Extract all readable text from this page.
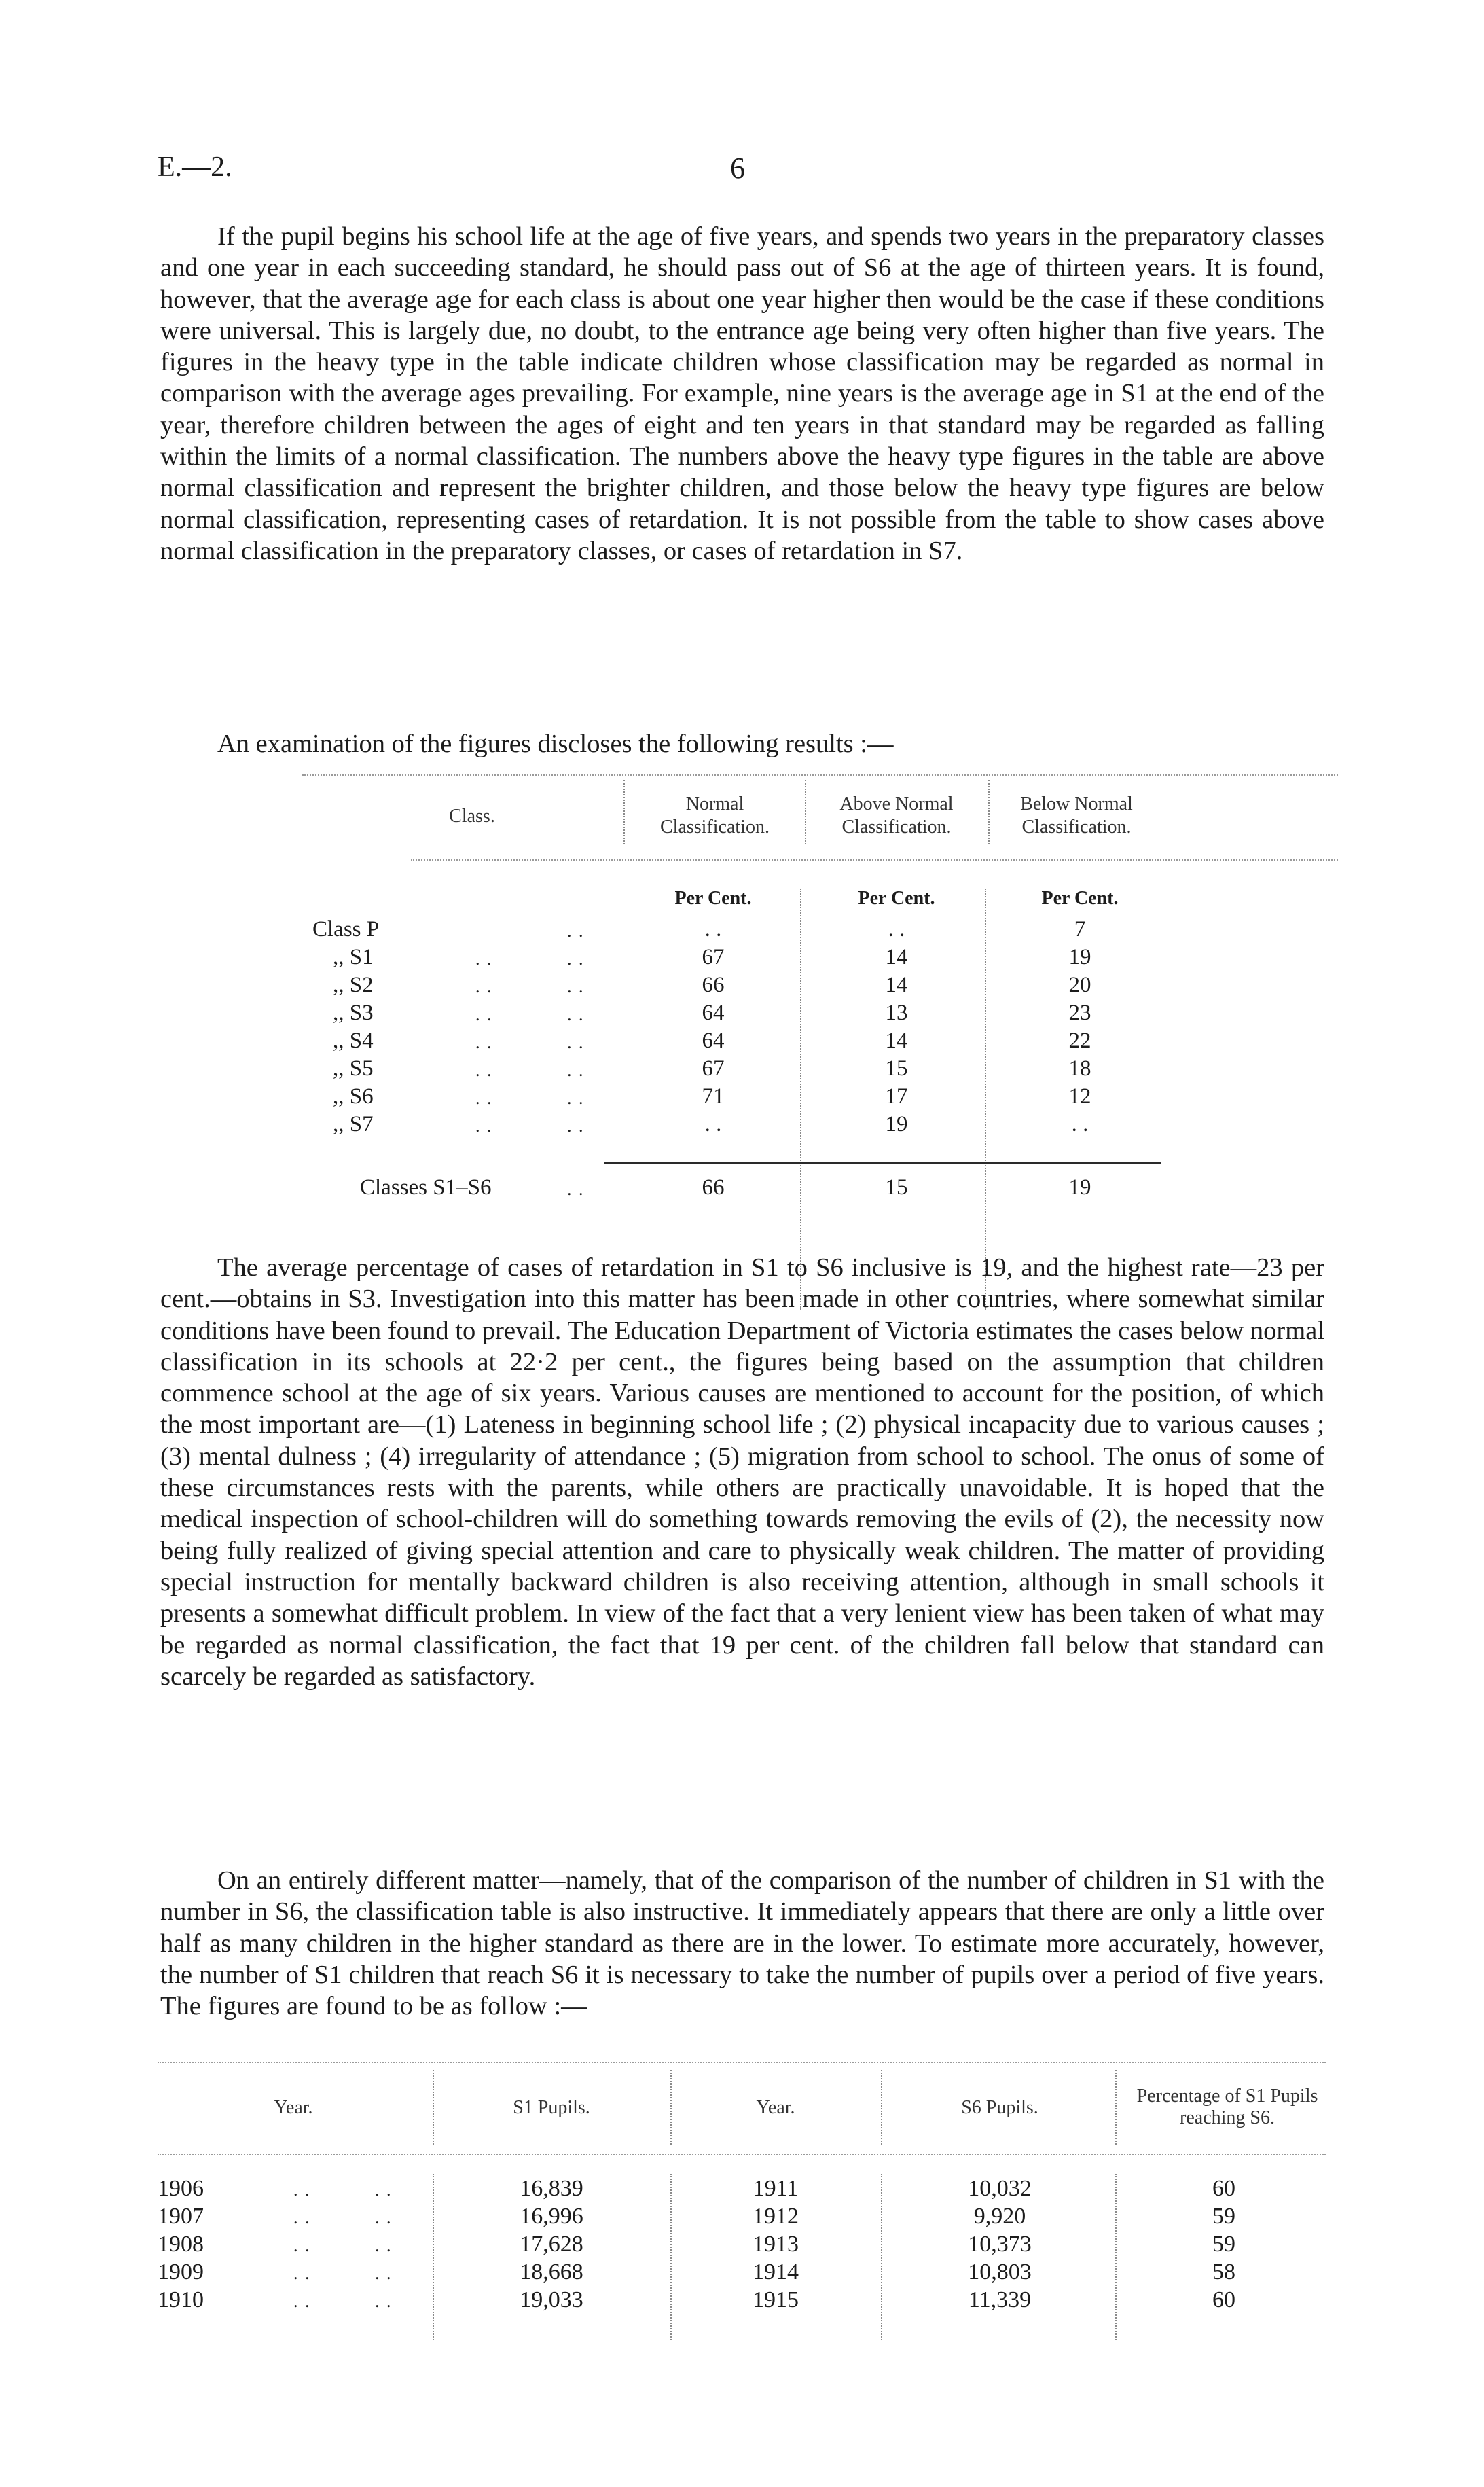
E.—2.	6

If the pupil begins his school life at the age of five years, and spends two years in the preparatory classes and one year in each succeeding standard, he should pass out of S6 at the age of thirteen years. It is found, however, that the average age for each class is about one year higher then would be the case if these conditions were universal. This is largely due, no doubt, to the entrance age being very often higher than five years. The figures in the heavy type in the table indicate children whose classification may be regarded as normal in comparison with the average ages prevailing. For example, nine years is the average age in S1 at the end of the year, therefore children between the ages of eight and ten years in that standard may be regarded as falling within the limits of a normal classification. The numbers above the heavy type figures in the table are above normal classification and represent the brighter children, and those below the heavy type figures are below normal classification, representing cases of retardation. It is not possible from the table to show cases above normal classification in the preparatory classes, or cases of retardation in S7.

An examination of the figures discloses the following results :—

Class.
Normal Classification.
Above Normal Classification.
Below Normal Classification.
Per Cent.	Per Cent.	Per Cent.
Class P	. .	. .	. .	7
,, S1	. .	. .	67	14	19
,, S2	. .	. .	66	14	20
,, S3	. .	. .	64	13	23
,, S4	. .	. .	64	14	22
,, S5	. .	. .	67	15	18
,, S6	. .	. .	71	17	12
,, S7	. .	. .	. .	19	. .
Classes S1–S6	. .	66	15	19

The average percentage of cases of retardation in S1 to S6 inclusive is 19, and the highest rate—23 per cent.—obtains in S3. Investigation into this matter has been made in other countries, where somewhat similar conditions have been found to prevail. The Education Department of Victoria estimates the cases below normal classification in its schools at 22·2 per cent., the figures being based on the assumption that children commence school at the age of six years. Various causes are mentioned to account for the position, of which the most important are—(1) Lateness in beginning school life ; (2) physical incapacity due to various causes ; (3) mental dulness ; (4) irregularity of attendance ; (5) migration from school to school. The onus of some of these circumstances rests with the parents, while others are practically unavoidable. It is hoped that the medical inspection of school-children will do something towards removing the evils of (2), the necessity now being fully realized of giving special attention and care to physically weak children. The matter of providing special instruction for mentally backward children is also receiving attention, although in small schools it presents a somewhat difficult problem. In view of the fact that a very lenient view has been taken of what may be regarded as normal classification, the fact that 19 per cent. of the children fall below that standard can scarcely be regarded as satisfactory.

On an entirely different matter—namely, that of the comparison of the number of children in S1 with the number in S6, the classification table is also instructive. It immediately appears that there are only a little over half as many children in the higher standard as there are in the lower. To estimate more accurately, however, the number of S1 children that reach S6 it is necessary to take the number of pupils over a period of five years. The figures are found to be as follow :—

Year.	S1 Pupils.	Year.	S6 Pupils.
Percentage of S1 Pupils reaching S6.
1906	. .	. .	16,839	1911	10,032	60
1907	. .	. .	16,996	1912	9,920	59
1908	. .	. .	17,628	1913	10,373	59
1909	. .	. .	18,668	1914	10,803	58
1910	. .	. .	19,033	1915	11,339	60
